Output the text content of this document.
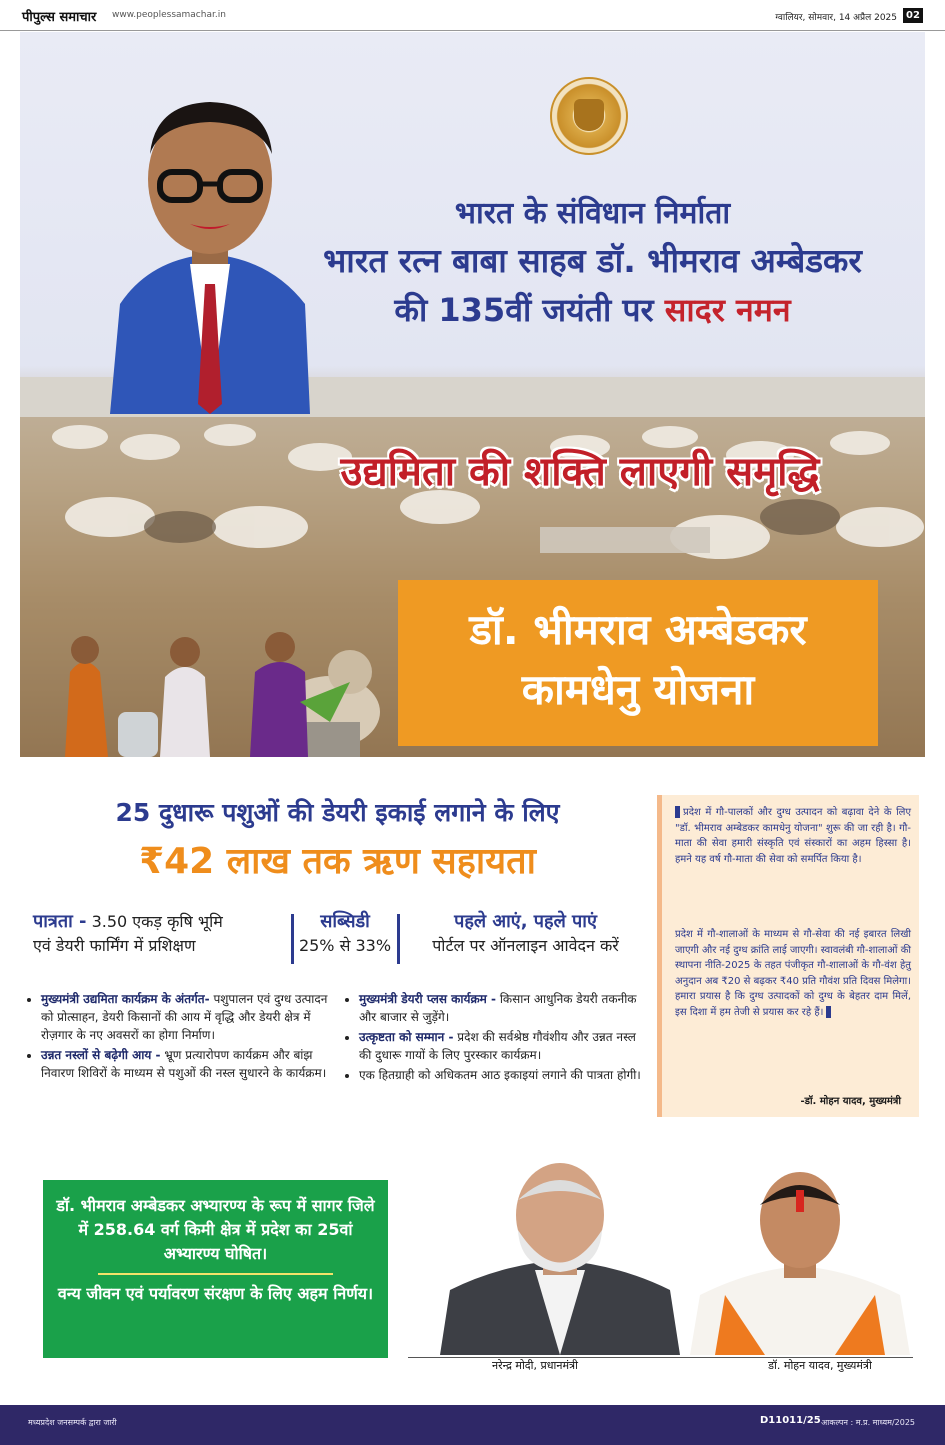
पीपुल्स समाचार www.peoplessamachar.in	ग्वालियर, सोमवार, 14 अप्रैल 2025 02
भारत के संविधान निर्माता
भारत रत्न बाबा साहब डॉ. भीमराव अम्बेडकर
की 135वीं जयंती पर सादर नमन
उद्यमिता की शक्ति लाएगी समृद्धि
डॉ. भीमराव अम्बेडकर
कामधेनु योजना
25 दुधारू पशुओं की डेयरी इकाई लगाने के लिए
₹42 लाख तक ऋण सहायता
पात्रता - 3.50 एकड़ कृषि भूमि
एवं डेयरी फार्मिंग में प्रशिक्षण
सब्सिडी
25% से 33%
पहले आएं, पहले पाएं
पोर्टल पर ऑनलाइन आवेदन करें
• मुख्यमंत्री उद्यमिता कार्यक्रम के अंतर्गत- पशुपालन एवं दुग्ध उत्पादन को प्रोत्साहन, डेयरी किसानों की आय में वृद्धि और डेयरी क्षेत्र में रोज़गार के नए अवसरों का होगा निर्माण।
• उन्नत नस्लों से बढ़ेगी आय - भ्रूण प्रत्यारोपण कार्यक्रम और बांझ निवारण शिविरों के माध्यम से पशुओं की नस्ल सुधारने के कार्यक्रम।
• मुख्यमंत्री डेयरी प्लस कार्यक्रम - किसान आधुनिक डेयरी तकनीक और बाजार से जुड़ेंगे।
• उत्कृष्टता को सम्मान - प्रदेश की सर्वश्रेष्ठ गौवंशीय और उन्नत नस्ल की दुधारू गायों के लिए पुरस्कार कार्यक्रम।
• एक हितग्राही को अधिकतम आठ इकाइयां लगाने की पात्रता होगी।
प्रदेश में गौ-पालकों और दुग्ध उत्पादन को बढ़ावा देने के लिए "डॉ. भीमराव अम्बेडकर कामधेनु योजना" शुरू की जा रही है। गौ-माता की सेवा हमारी संस्कृति एवं संस्कारों का अहम हिस्सा है। हमने यह वर्ष गौ-माता की सेवा को समर्पित किया है।
प्रदेश में गौ-शालाओं के माध्यम से गौ-सेवा की नई इबारत लिखी जाएगी और नई दुग्ध क्रांति लाई जाएगी। स्वावलंबी गौ-शालाओं की स्थापना नीति-2025 के तहत पंजीकृत गौ-शालाओं के गौ-वंश हेतु अनुदान अब ₹20 से बढ़कर ₹40 प्रति गौवंश प्रति दिवस मिलेगा। हमारा प्रयास है कि दुग्ध उत्पादकों को दुग्ध के बेहतर दाम मिलें, इस दिशा में हम तेजी से प्रयास कर रहे हैं।
-डॉ. मोहन यादव, मुख्यमंत्री
डॉ. भीमराव अम्बेडकर अभ्यारण्य के रूप में सागर जिले में 258.64 वर्ग किमी क्षेत्र में प्रदेश का 25वां अभ्यारण्य घोषित।
वन्य जीवन एवं पर्यावरण संरक्षण के लिए अहम निर्णय।
नरेन्द्र मोदी, प्रधानमंत्री	डॉ. मोहन यादव, मुख्यमंत्री
मध्यप्रदेश जनसम्पर्क द्वारा जारी	D11011/25 आकल्पन : म.प्र. माध्यम/2025
